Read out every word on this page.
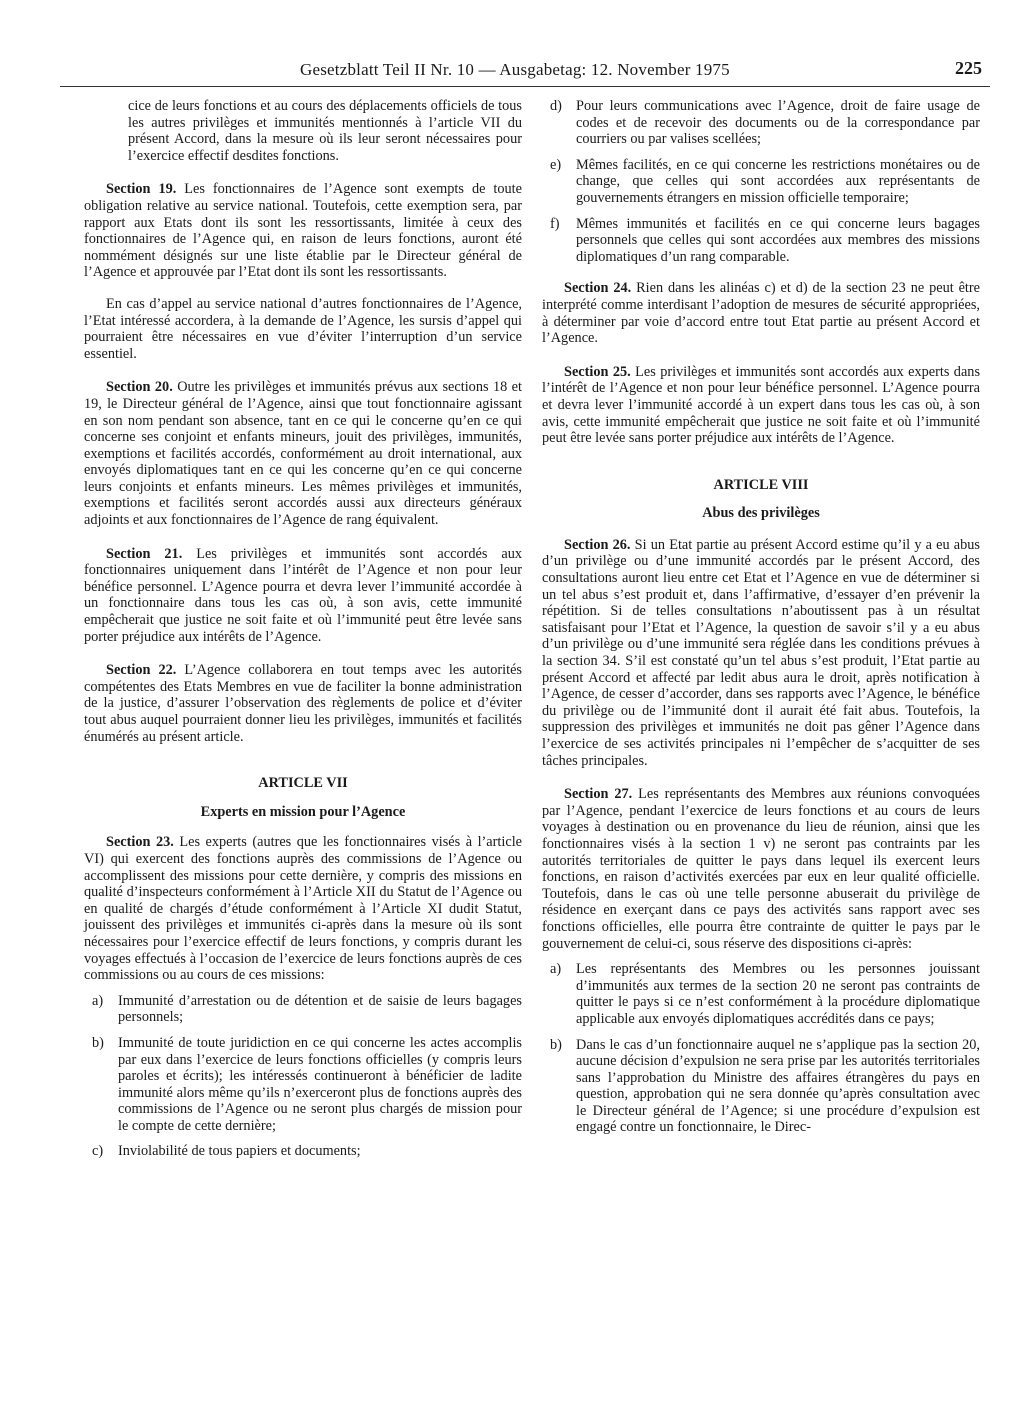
Gesetzblatt Teil II Nr. 10 — Ausgabetag: 12. November 1975	225

cice de leurs fonctions et au cours des déplacements officiels de tous les autres privilèges et immunités mentionnés à l’article VII du présent Accord, dans la mesure où ils leur seront nécessaires pour l’exercice effectif desdites fonctions.

Section 19. Les fonctionnaires de l’Agence sont exempts de toute obligation relative au service national. Toutefois, cette exemption sera, par rapport aux Etats dont ils sont les ressortissants, limitée à ceux des fonctionnaires de l’Agence qui, en raison de leurs fonctions, auront été nommément désignés sur une liste établie par le Directeur général de l’Agence et approuvée par l’Etat dont ils sont les ressortissants.

En cas d’appel au service national d’autres fonctionnaires de l’Agence, l’Etat intéressé accordera, à la demande de l’Agence, les sursis d’appel qui pourraient être nécessaires en vue d’éviter l’interruption d’un service essentiel.

Section 20. Outre les privilèges et immunités prévus aux sections 18 et 19, le Directeur général de l’Agence, ainsi que tout fonctionnaire agissant en son nom pendant son absence, tant en ce qui le concerne qu’en ce qui concerne ses conjoint et enfants mineurs, jouit des privilèges, immunités, exemptions et facilités accordés, conformément au droit international, aux envoyés diplomatiques tant en ce qui les concerne qu’en ce qui concerne leurs conjoints et enfants mineurs. Les mêmes privilèges et immunités, exemptions et facilités seront accordés aussi aux directeurs généraux adjoints et aux fonctionnaires de l’Agence de rang équivalent.

Section 21. Les privilèges et immunités sont accordés aux fonctionnaires uniquement dans l’intérêt de l’Agence et non pour leur bénéfice personnel. L’Agence pourra et devra lever l’immunité accordée à un fonctionnaire dans tous les cas où, à son avis, cette immunité empêcherait que justice ne soit faite et où l’immunité peut être levée sans porter préjudice aux intérêts de l’Agence.

Section 22. L’Agence collaborera en tout temps avec les autorités compétentes des Etats Membres en vue de faciliter la bonne administration de la justice, d’assurer l’observation des règlements de police et d’éviter tout abus auquel pourraient donner lieu les privilèges, immunités et facilités énumérés au présent article.

ARTICLE VII

Experts en mission pour l’Agence

Section 23. Les experts (autres que les fonctionnaires visés à l’article VI) qui exercent des fonctions auprès des commissions de l’Agence ou accomplissent des missions pour cette dernière, y compris des missions en qualité d’inspecteurs conformément à l’Article XII du Statut de l’Agence ou en qualité de chargés d’étude conformément à l’Article XI dudit Statut, jouissent des privilèges et immunités ci-après dans la mesure où ils sont nécessaires pour l’exercice effectif de leurs fonctions, y compris durant les voyages effectués à l’occasion de l’exercice de leurs fonctions auprès de ces commissions ou au cours de ces missions:

a) Immunité d’arrestation ou de détention et de saisie de leurs bagages personnels;

b) Immunité de toute juridiction en ce qui concerne les actes accomplis par eux dans l’exercice de leurs fonctions officielles (y compris leurs paroles et écrits); les intéressés continueront à bénéficier de ladite immunité alors même qu’ils n’exerceront plus de fonctions auprès des commissions de l’Agence ou ne seront plus chargés de mission pour le compte de cette dernière;

c) Inviolabilité de tous papiers et documents;

d) Pour leurs communications avec l’Agence, droit de faire usage de codes et de recevoir des documents ou de la correspondance par courriers ou par valises scellées;

e) Mêmes facilités, en ce qui concerne les restrictions monétaires ou de change, que celles qui sont accordées aux représentants de gouvernements étrangers en mission officielle temporaire;

f) Mêmes immunités et facilités en ce qui concerne leurs bagages personnels que celles qui sont accordées aux membres des missions diplomatiques d’un rang comparable.

Section 24. Rien dans les alinéas c) et d) de la section 23 ne peut être interprété comme interdisant l’adoption de mesures de sécurité appropriées, à déterminer par voie d’accord entre tout Etat partie au présent Accord et l’Agence.

Section 25. Les privilèges et immunités sont accordés aux experts dans l’intérêt de l’Agence et non pour leur bénéfice personnel. L’Agence pourra et devra lever l’immunité accordé à un expert dans tous les cas où, à son avis, cette immunité empêcherait que justice ne soit faite et où l’immunité peut être levée sans porter préjudice aux intérêts de l’Agence.

ARTICLE VIII

Abus des privilèges

Section 26. Si un Etat partie au présent Accord estime qu’il y a eu abus d’un privilège ou d’une immunité accordés par le présent Accord, des consultations auront lieu entre cet Etat et l’Agence en vue de déterminer si un tel abus s’est produit et, dans l’affirmative, d’essayer d’en prévenir la répétition. Si de telles consultations n’aboutissent pas à un résultat satisfaisant pour l’Etat et l’Agence, la question de savoir s’il y a eu abus d’un privilège ou d’une immunité sera réglée dans les conditions prévues à la section 34. S’il est constaté qu’un tel abus s’est produit, l’Etat partie au présent Accord et affecté par ledit abus aura le droit, après notification à l’Agence, de cesser d’accorder, dans ses rapports avec l’Agence, le bénéfice du privilège ou de l’immunité dont il aurait été fait abus. Toutefois, la suppression des privilèges et immunités ne doit pas gêner l’Agence dans l’exercice de ses activités principales ni l’empêcher de s’acquitter de ses tâches principales.

Section 27. Les représentants des Membres aux réunions convoquées par l’Agence, pendant l’exercice de leurs fonctions et au cours de leurs voyages à destination ou en provenance du lieu de réunion, ainsi que les fonctionnaires visés à la section 1 v) ne seront pas contraints par les autorités territoriales de quitter le pays dans lequel ils exercent leurs fonctions, en raison d’activités exercées par eux en leur qualité officielle. Toutefois, dans le cas où une telle personne abuserait du privilège de résidence en exerçant dans ce pays des activités sans rapport avec ses fonctions officielles, elle pourra être contrainte de quitter le pays par le gouvernement de celui-ci, sous réserve des dispositions ci-après:

a) Les représentants des Membres ou les personnes jouissant d’immunités aux termes de la section 20 ne seront pas contraints de quitter le pays si ce n’est conformément à la procédure diplomatique applicable aux envoyés diplomatiques accrédités dans ce pays;

b) Dans le cas d’un fonctionnaire auquel ne s’applique pas la section 20, aucune décision d’expulsion ne sera prise par les autorités territoriales sans l’approbation du Ministre des affaires étrangères du pays en question, approbation qui ne sera donnée qu’après consultation avec le Directeur général de l’Agence; si une procédure d’expulsion est engagé contre un fonctionnaire, le Direc-
